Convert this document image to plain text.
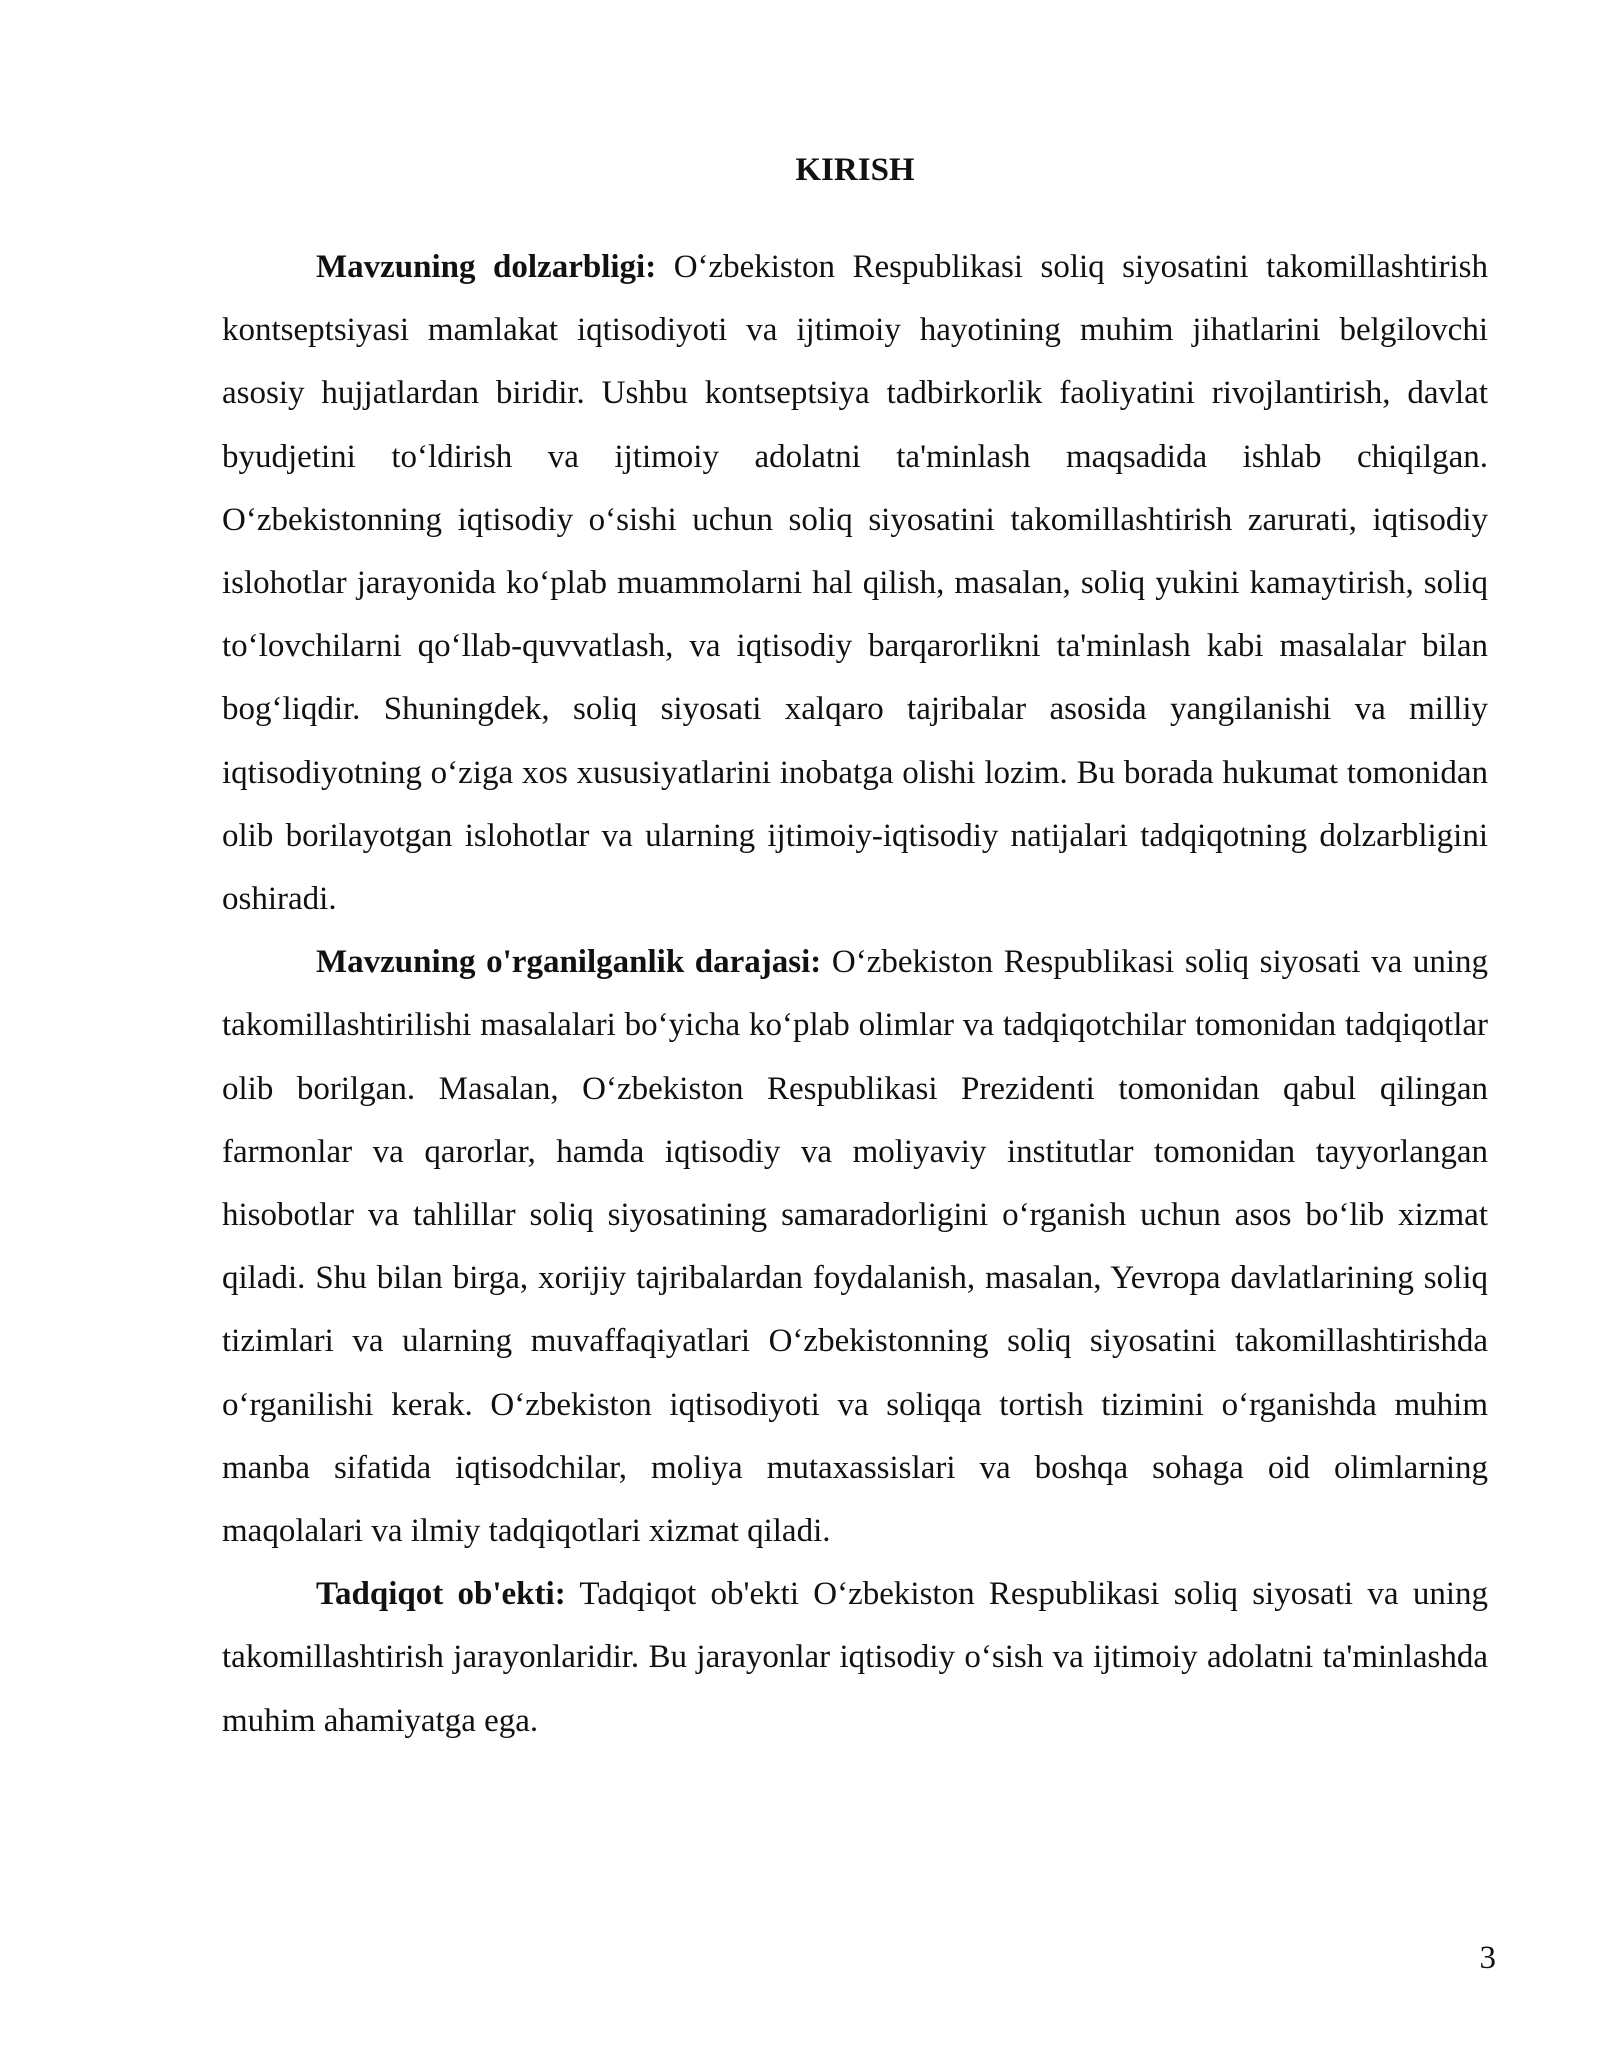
KIRISH

Mavzuning dolzarbligi: O‘zbekiston Respublikasi soliq siyosatini takomillashtirish kontseptsiyasi mamlakat iqtisodiyoti va ijtimoiy hayotining muhim jihatlarini belgilovchi asosiy hujjatlardan biridir. Ushbu kontseptsiya tadbirkorlik faoliyatini rivojlantirish, davlat byudjetini to‘ldirish va ijtimoiy adolatni ta'minlash maqsadida ishlab chiqilgan. O‘zbekistonning iqtisodiy o‘sishi uchun soliq siyosatini takomillashtirish zarurati, iqtisodiy islohotlar jarayonida ko‘plab muammolarni hal qilish, masalan, soliq yukini kamaytirish, soliq to‘lovchilarni qo‘llab-quvvatlash, va iqtisodiy barqarorlikni ta'minlash kabi masalalar bilan bog‘liqdir. Shuningdek, soliq siyosati xalqaro tajribalar asosida yangilanishi va milliy iqtisodiyotning o‘ziga xos xususiyatlarini inobatga olishi lozim. Bu borada hukumat tomonidan olib borilayotgan islohotlar va ularning ijtimoiy-iqtisodiy natijalari tadqiqotning dolzarbligini oshiradi.

Mavzuning o'rganilganlik darajasi: O‘zbekiston Respublikasi soliq siyosati va uning takomillashtirilishi masalalari bo‘yicha ko‘plab olimlar va tadqiqotchilar tomonidan tadqiqotlar olib borilgan. Masalan, O‘zbekiston Respublikasi Prezidenti tomonidan qabul qilingan farmonlar va qarorlar, hamda iqtisodiy va moliyaviy institutlar tomonidan tayyorlangan hisobotlar va tahlillar soliq siyosatining samaradorligini o‘rganish uchun asos bo‘lib xizmat qiladi. Shu bilan birga, xorijiy tajribalardan foydalanish, masalan, Yevropa davlatlarining soliq tizimlari va ularning muvaffaqiyatlari O‘zbekistonning soliq siyosatini takomillashtirishda o‘rganilishi kerak. O‘zbekiston iqtisodiyoti va soliqqa tortish tizimini o‘rganishda muhim manba sifatida iqtisodchilar, moliya mutaxassislari va boshqa sohaga oid olimlarning maqolalari va ilmiy tadqiqotlari xizmat qiladi.

Tadqiqot ob'ekti: Tadqiqot ob'ekti O‘zbekiston Respublikasi soliq siyosati va uning takomillashtirish jarayonlaridir. Bu jarayonlar iqtisodiy o‘sish va ijtimoiy adolatni ta'minlashda muhim ahamiyatga ega.

3
